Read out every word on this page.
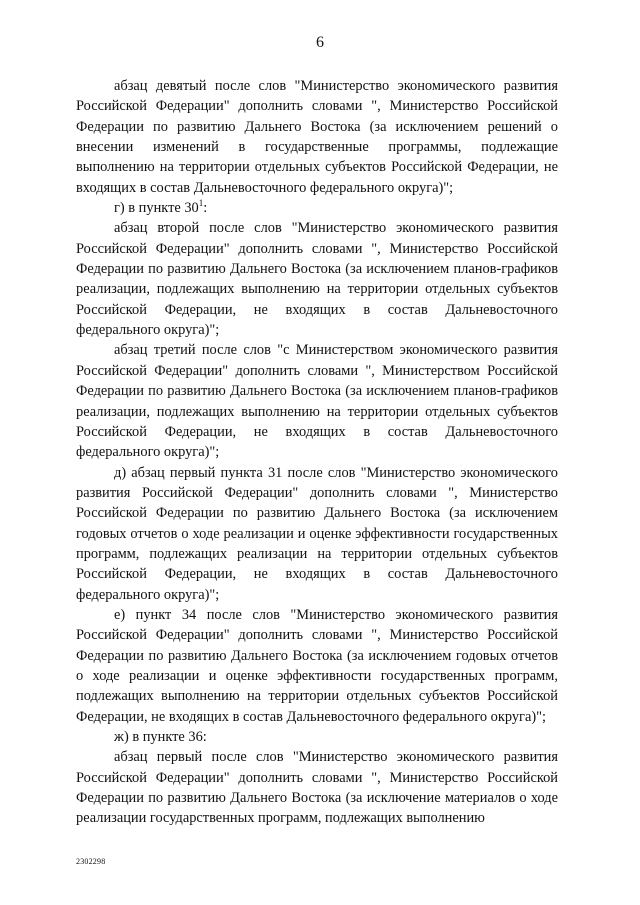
6

абзац девятый после слов "Министерство экономического развития Российской Федерации" дополнить словами ", Министерство Российской Федерации по развитию Дальнего Востока (за исключением решений о внесении изменений в государственные программы, подлежащие выполнению на территории отдельных субъектов Российской Федерации, не входящих в состав Дальневосточного федерального округа)";

г) в пункте $30^1$:

абзац второй после слов "Министерство экономического развития Российской Федерации" дополнить словами ", Министерство Российской Федерации по развитию Дальнего Востока (за исключением планов-графиков реализации, подлежащих выполнению на территории отдельных субъектов Российской Федерации, не входящих в состав Дальневосточного федерального округа)";

абзац третий после слов "с Министерством экономического развития Российской Федерации" дополнить словами ", Министерством Российской Федерации по развитию Дальнего Востока (за исключением планов-графиков реализации, подлежащих выполнению на территории отдельных субъектов Российской Федерации, не входящих в состав Дальневосточного федерального округа)";

д) абзац первый пункта 31 после слов "Министерство экономического развития Российской Федерации" дополнить словами ", Министерство Российской Федерации по развитию Дальнего Востока (за исключением годовых отчетов о ходе реализации и оценке эффективности государственных программ, подлежащих реализации на территории отдельных субъектов Российской Федерации, не входящих в состав Дальневосточного федерального округа)";

е) пункт 34 после слов "Министерство экономического развития Российской Федерации" дополнить словами ", Министерство Российской Федерации по развитию Дальнего Востока (за исключением годовых отчетов о ходе реализации и оценке эффективности государственных программ, подлежащих выполнению на территории отдельных субъектов Российской Федерации, не входящих в состав Дальневосточного федерального округа)";

ж) в пункте 36:

абзац первый после слов "Министерство экономического развития Российской Федерации" дополнить словами ", Министерство Российской Федерации по развитию Дальнего Востока (за исключение материалов о ходе реализации государственных программ, подлежащих выполнению

2302298
